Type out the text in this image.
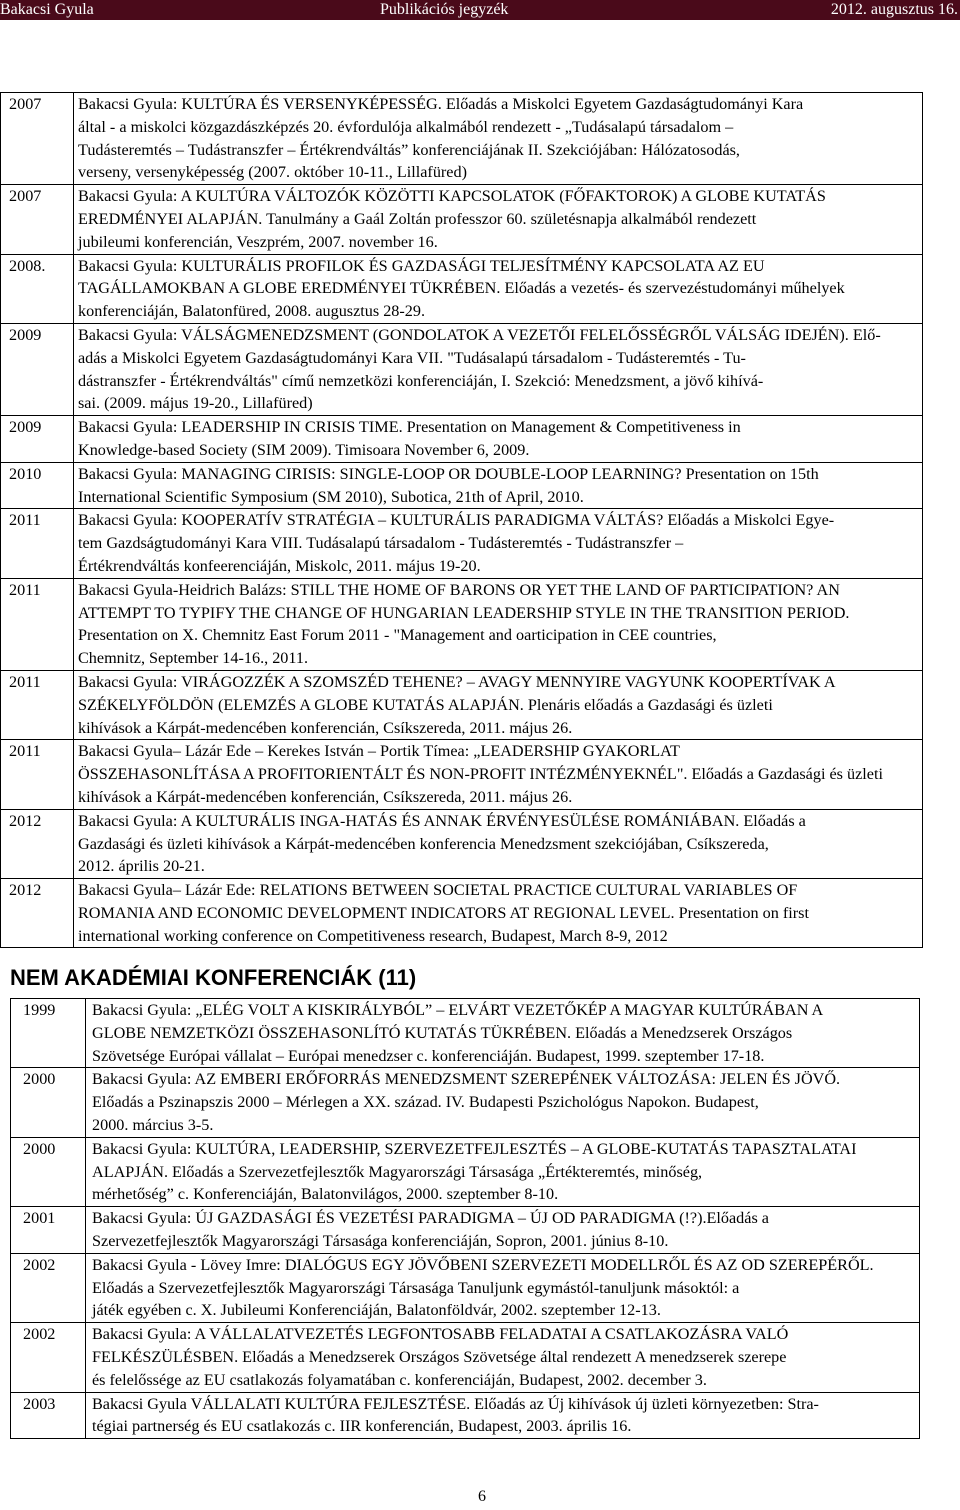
Bakacsi Gyula	Publikációs jegyzék	2012. augusztus 16.
2007	Bakacsi Gyula: KULTÚRA ÉS VERSENYKÉPESSÉG. Előadás a Miskolci Egyetem Gazdaságtudományi Kara
által - a miskolci közgazdászképzés 20. évfordulója alkalmából rendezett - „Tudásalapú társadalom –
Tudásteremtés – Tudástranszfer – Értékrendváltás” konferenciájának II. Szekciójában: Hálózatosodás,
verseny, versenyképesség (2007. október 10-11., Lillafüred)

2007	Bakacsi Gyula: A KULTÚRA VÁLTOZÓK KÖZÖTTI KAPCSOLATOK (FŐFAKTOROK) A GLOBE KUTATÁS
EREDMÉNYEI ALAPJÁN. Tanulmány a Gaál Zoltán professzor 60. születésnapja alkalmából rendezett
jubileumi konferencián, Veszprém, 2007. november 16.

2008.	Bakacsi Gyula: KULTURÁLIS PROFILOK ÉS GAZDASÁGI TELJESÍTMÉNY KAPCSOLATA AZ EU
TAGÁLLAMOKBAN A GLOBE EREDMÉNYEI TÜKRÉBEN. Előadás a vezetés- és szervezéstudományi műhelyek
konferenciáján, Balatonfüred, 2008. augusztus 28-29.

2009	Bakacsi Gyula: VÁLSÁGMENEDZSMENT (GONDOLATOK A VEZETŐI FELELŐSSÉGRŐL VÁLSÁG IDEJÉN). Elő-
adás a Miskolci Egyetem Gazdaságtudományi Kara VII. "Tudásalapú társadalom - Tudásteremtés - Tu-
dástranszfer - Értékrendváltás" című nemzetközi konferenciáján, I. Szekció: Menedzsment, a jövő kihívá-
sai. (2009. május 19-20., Lillafüred)

2009	Bakacsi Gyula: LEADERSHIP IN CRISIS TIME. Presentation on Management & Competitiveness in
Knowledge-based Society (SIM 2009). Timisoara November 6, 2009.

2010	Bakacsi Gyula: MANAGING CIRISIS: SINGLE-LOOP OR DOUBLE-LOOP LEARNING? Presentation on 15th
International Scientific Symposium (SM 2010), Subotica, 21th of April, 2010.

2011	Bakacsi Gyula: KOOPERATÍV STRATÉGIA – KULTURÁLIS PARADIGMA VÁLTÁS? Előadás a Miskolci Egye-
tem Gazdságtudományi Kara VIII. Tudásalapú társadalom - Tudásteremtés - Tudástranszfer –
Értékrendváltás konfeerenciáján, Miskolc, 2011. május 19-20.

2011	Bakacsi Gyula-Heidrich Balázs: STILL THE HOME OF BARONS OR YET THE LAND OF PARTICIPATION? AN
ATTEMPT TO TYPIFY THE CHANGE OF HUNGARIAN LEADERSHIP STYLE IN THE TRANSITION PERIOD.
Presentation on X. Chemnitz East Forum 2011 - "Management and oarticipation in CEE countries,
Chemnitz, September 14-16., 2011.

2011	Bakacsi Gyula: VIRÁGOZZÉK A SZOMSZÉD TEHENE? – AVAGY MENNYIRE VAGYUNK KOOPERTÍVAK A
SZÉKELYFÖLDÖN (ELEMZÉS A GLOBE KUTATÁS ALAPJÁN. Plenáris előadás a Gazdasági és üzleti
kihívások a Kárpát-medencében konferencián, Csíkszereda, 2011. május 26.

2011	Bakacsi Gyula– Lázár Ede – Kerekes István – Portik Tímea: „LEADERSHIP GYAKORLAT
ÖSSZEHASONLÍTÁSA A PROFITORIENTÁLT ÉS NON-PROFIT INTÉZMÉNYEKNÉL". Előadás a Gazdasági és üzleti
kihívások a Kárpát-medencében konferencián, Csíkszereda, 2011. május 26.

2012	Bakacsi Gyula: A KULTURÁLIS INGA-HATÁS ÉS ANNAK ÉRVÉNYESÜLÉSE ROMÁNIÁBAN. Előadás a
Gazdasági és üzleti kihívások a Kárpát-medencében konferencia Menedzsment szekciójában, Csíkszereda,
2012. április 20-21.

2012	Bakacsi Gyula– Lázár Ede: RELATIONS BETWEEN SOCIETAL PRACTICE CULTURAL VARIABLES OF
ROMANIA AND ECONOMIC DEVELOPMENT INDICATORS AT REGIONAL LEVEL. Presentation on first
international working conference on Competitiveness research, Budapest, March 8-9, 2012
NEM AKADÉMIAI KONFERENCIÁK (11)
1999	Bakacsi Gyula: „ELÉG VOLT A KISKIRÁLYBÓL” – ELVÁRT VEZETŐKÉP A MAGYAR KULTÚRÁBAN A
GLOBE NEMZETKÖZI ÖSSZEHASONLÍTÓ KUTATÁS TÜKRÉBEN. Előadás a Menedzserek Országos
Szövetsége Európai vállalat – Európai menedzser c. konferenciáján. Budapest, 1999. szeptember 17-18.

2000	Bakacsi Gyula: AZ EMBERI ERŐFORRÁS MENEDZSMENT SZEREPÉNEK VÁLTOZÁSA: JELEN ÉS JÖVŐ.
Előadás a Pszinapszis 2000 – Mérlegen a XX. század. IV. Budapesti Pszichológus Napokon. Budapest,
2000. március 3-5.

2000	Bakacsi Gyula: KULTÚRA, LEADERSHIP, SZERVEZETFEJLESZTÉS – A GLOBE-KUTATÁS TAPASZTALATAI
ALAPJÁN. Előadás a Szervezetfejlesztők Magyarországi Társasága „Értékteremtés, minőség,
mérhetőség” c. Konferenciáján, Balatonvilágos, 2000. szeptember 8-10.

2001	Bakacsi Gyula: ÚJ GAZDASÁGI ÉS VEZETÉSI PARADIGMA – ÚJ OD PARADIGMA (!?).Előadás a
Szervezetfejlesztők Magyarországi Társasága konferenciáján, Sopron, 2001. június 8-10.

2002	Bakacsi Gyula - Lövey Imre: DIALÓGUS EGY JÖVŐBENI SZERVEZETI MODELLRŐL ÉS AZ OD SZEREPÉRŐL.
Előadás a Szervezetfejlesztők Magyarországi Társasága Tanuljunk egymástól-tanuljunk másoktól: a
játék egyében c. X. Jubileumi Konferenciáján, Balatonföldvár, 2002. szeptember 12-13.

2002	Bakacsi Gyula: A VÁLLALATVEZETÉS LEGFONTOSABB FELADATAI A CSATLAKOZÁSRA VALÓ
FELKÉSZÜLÉSBEN. Előadás a Menedzserek Országos Szövetsége által rendezett A menedzserek szerepe
és felelőssége az EU csatlakozás folyamatában c. konferenciáján, Budapest, 2002. december 3.

2003	Bakacsi Gyula VÁLLALATI KULTÚRA FEJLESZTÉSE. Előadás az Új kihívások új üzleti környezetben: Stra-
tégiai partnerség és EU csatlakozás c. IIR konferencián, Budapest, 2003. április 16.
6
